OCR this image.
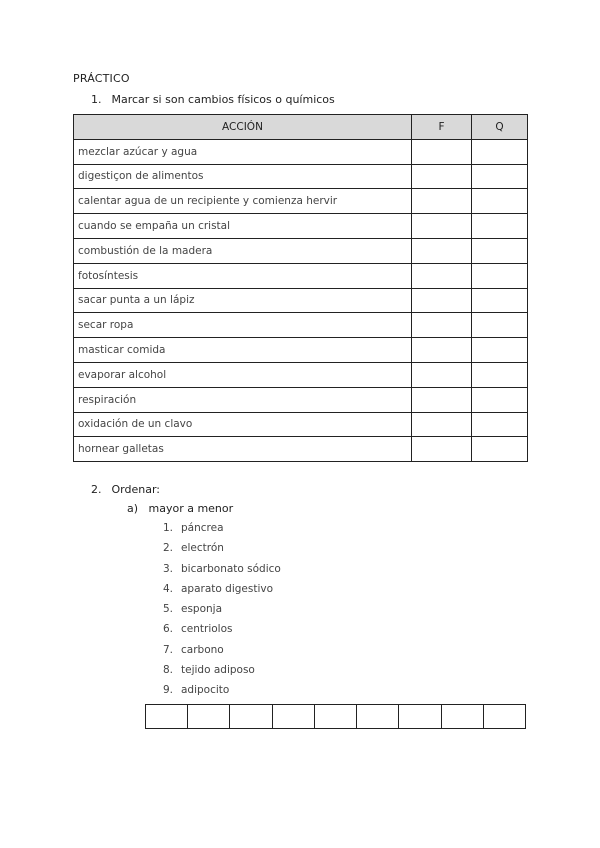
PRÁCTICO
1. Marcar si son cambios físicos o químicos
ACCIÓN	F	Q
mezclar azúcar y agua		
digestiçon de alimentos		
calentar agua de un recipiente y comienza hervir		
cuando se empaña un cristal		
combustión de la madera		
fotosíntesis		
sacar punta a un lápiz		
secar ropa		
masticar comida		
evaporar alcohol		
respiración		
oxidación de un clavo		
hornear galletas		
2. Ordenar:
a) mayor a menor
1. páncrea
2. electrón
3. bicarbonato sódico
4. aparato digestivo
5. esponja
6. centriolos
7. carbono
8. tejido adiposo
9. adipocito
